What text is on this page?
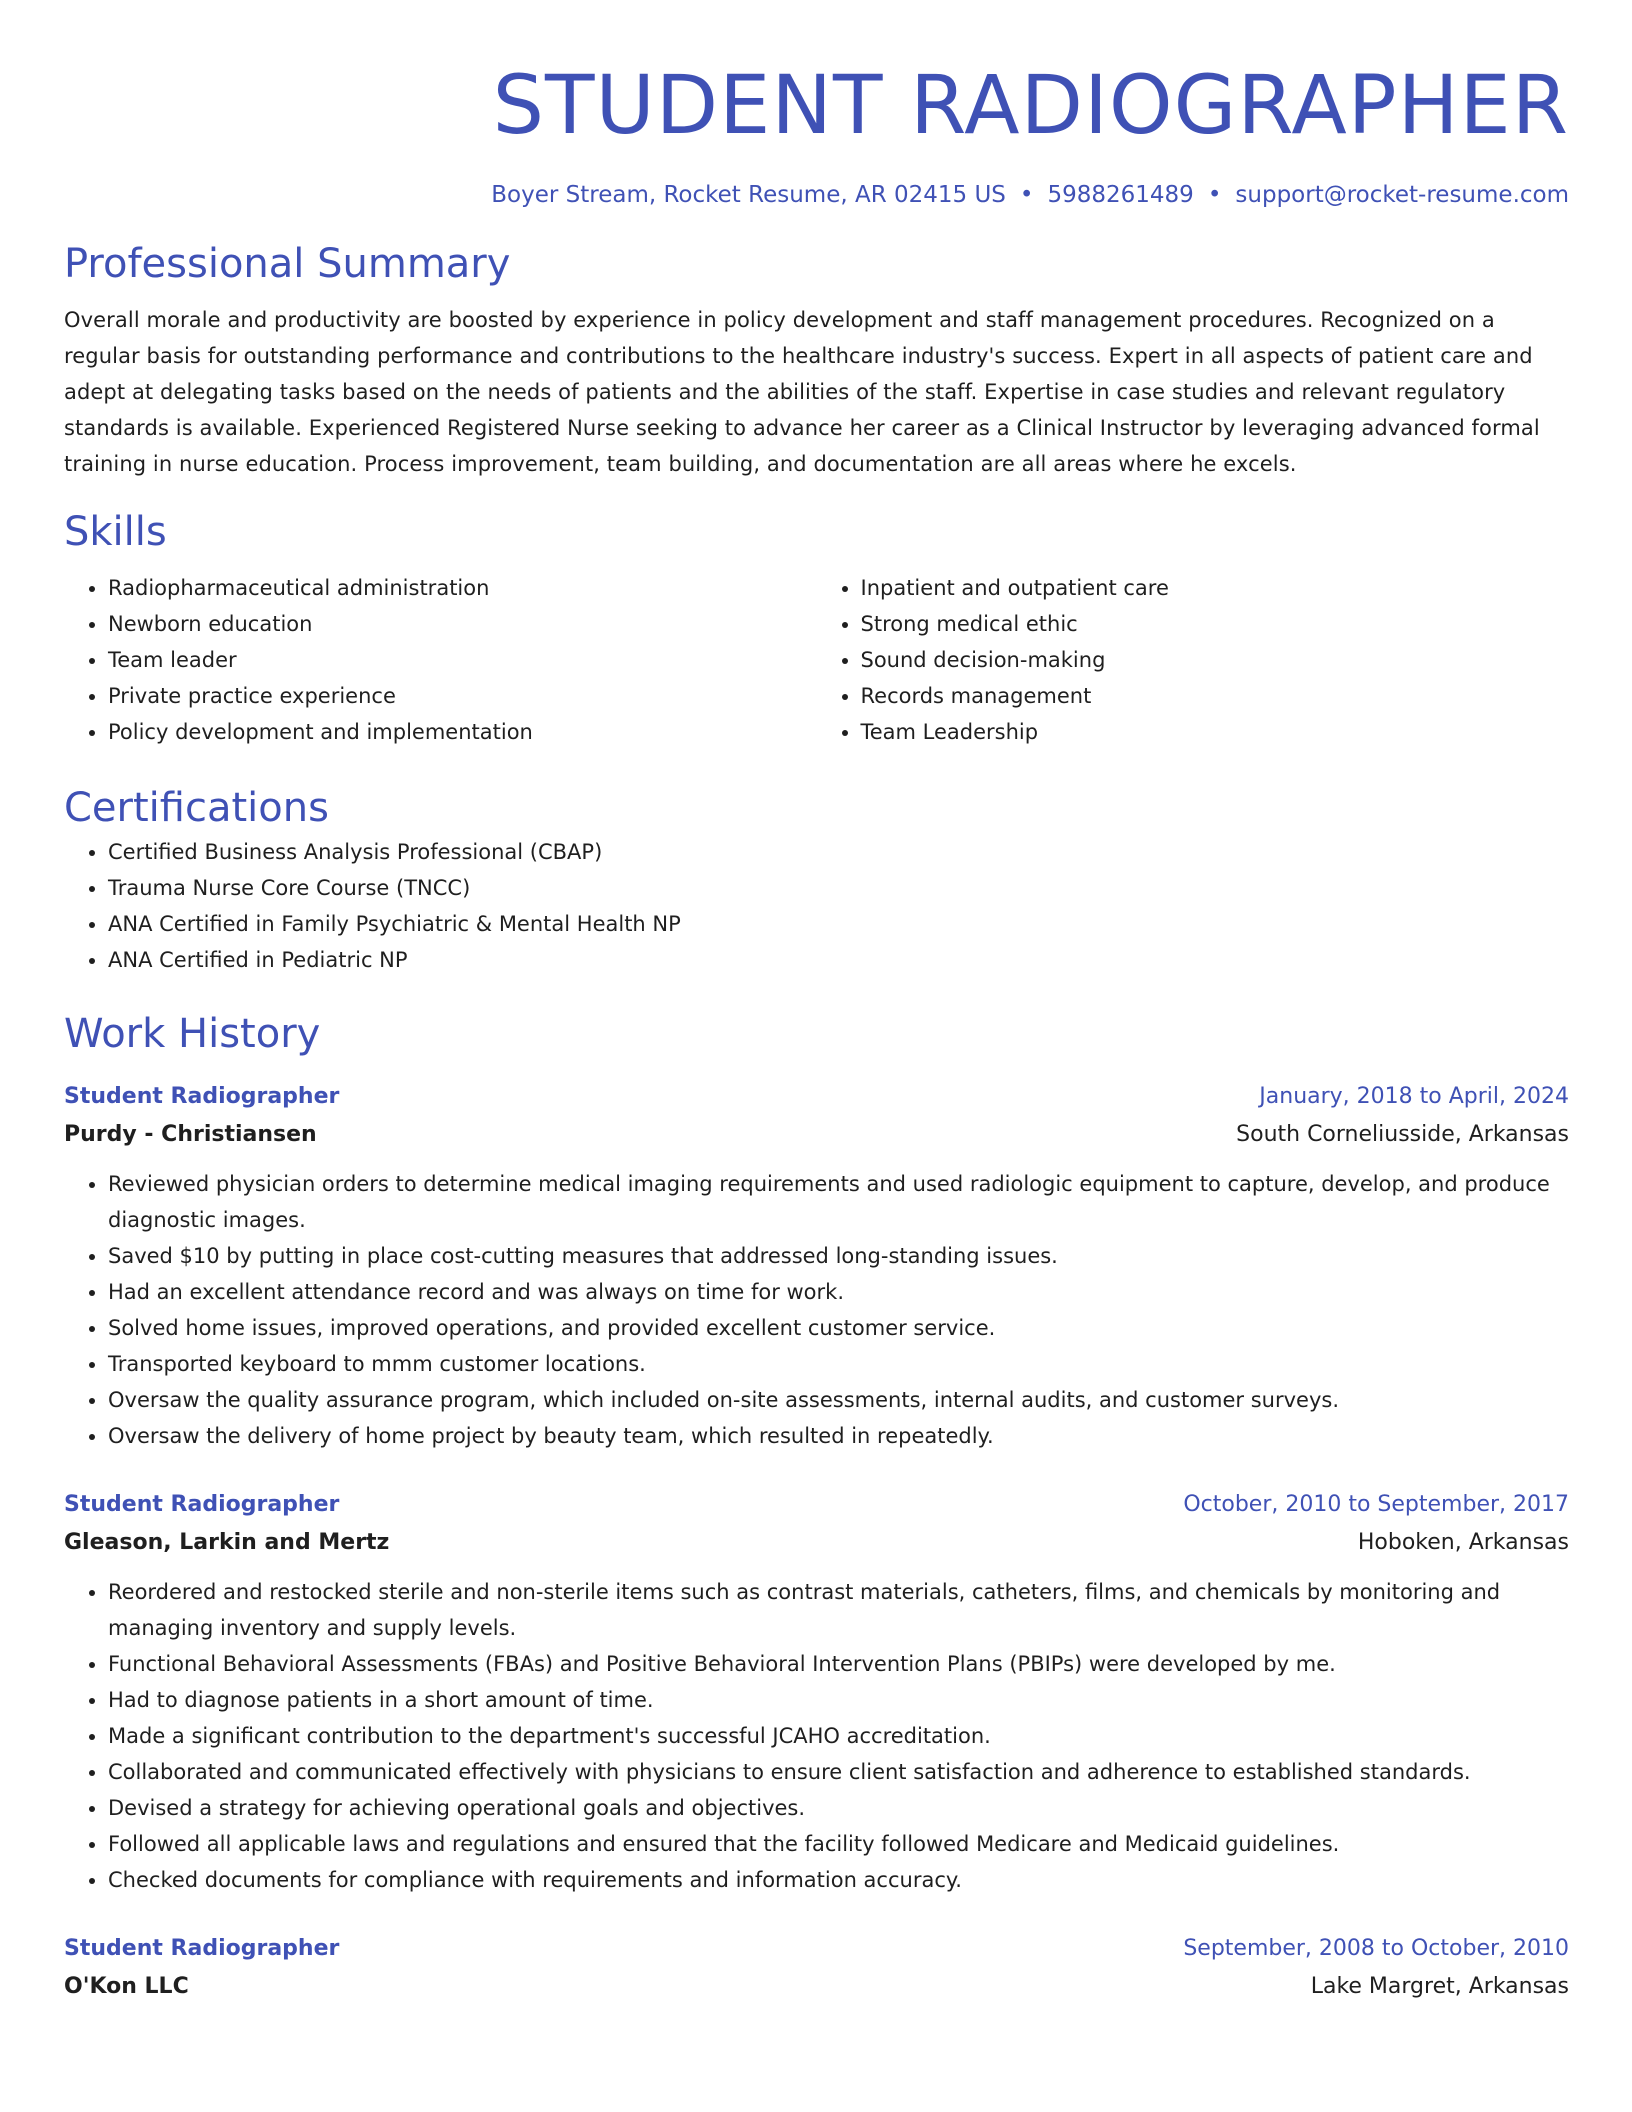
STUDENT RADIOGRAPHER
Boyer Stream, Rocket Resume, AR 02415 US • 5988261489 • support@rocket-resume.com
Professional Summary

Overall morale and productivity are boosted by experience in policy development and staff management procedures. Recognized on a regular basis for outstanding performance and contributions to the healthcare industry's success. Expert in all aspects of patient care and adept at delegating tasks based on the needs of patients and the abilities of the staff. Expertise in case studies and relevant regulatory standards is available. Experienced Registered Nurse seeking to advance her career as a Clinical Instructor by leveraging advanced formal training in nurse education. Process improvement, team building, and documentation are all areas where he excels.

Skills
• Radiopharmaceutical administration
• Newborn education
• Team leader
• Private practice experience
• Policy development and implementation
• Inpatient and outpatient care
• Strong medical ethic
• Sound decision-making
• Records management
• Team Leadership
Certifications
• Certified Business Analysis Professional (CBAP)
• Trauma Nurse Core Course (TNCC)
• ANA Certified in Family Psychiatric & Mental Health NP
• ANA Certified in Pediatric NP
Work History
Student Radiographer	January, 2018 to April, 2024
Purdy - Christiansen	South Corneliusside, Arkansas
• Reviewed physician orders to determine medical imaging requirements and used radiologic equipment to capture, develop, and produce diagnostic images.
• Saved $10 by putting in place cost-cutting measures that addressed long-standing issues.
• Had an excellent attendance record and was always on time for work.
• Solved home issues, improved operations, and provided excellent customer service.
• Transported keyboard to mmm customer locations.
• Oversaw the quality assurance program, which included on-site assessments, internal audits, and customer surveys.
• Oversaw the delivery of home project by beauty team, which resulted in repeatedly.
Student Radiographer	October, 2010 to September, 2017
Gleason, Larkin and Mertz	Hoboken, Arkansas
• Reordered and restocked sterile and non-sterile items such as contrast materials, catheters, films, and chemicals by monitoring and managing inventory and supply levels.
• Functional Behavioral Assessments (FBAs) and Positive Behavioral Intervention Plans (PBIPs) were developed by me.
• Had to diagnose patients in a short amount of time.
• Made a significant contribution to the department's successful JCAHO accreditation.
• Collaborated and communicated effectively with physicians to ensure client satisfaction and adherence to established standards.
• Devised a strategy for achieving operational goals and objectives.
• Followed all applicable laws and regulations and ensured that the facility followed Medicare and Medicaid guidelines.
• Checked documents for compliance with requirements and information accuracy.
Student Radiographer	September, 2008 to October, 2010
O'Kon LLC	Lake Margret, Arkansas
